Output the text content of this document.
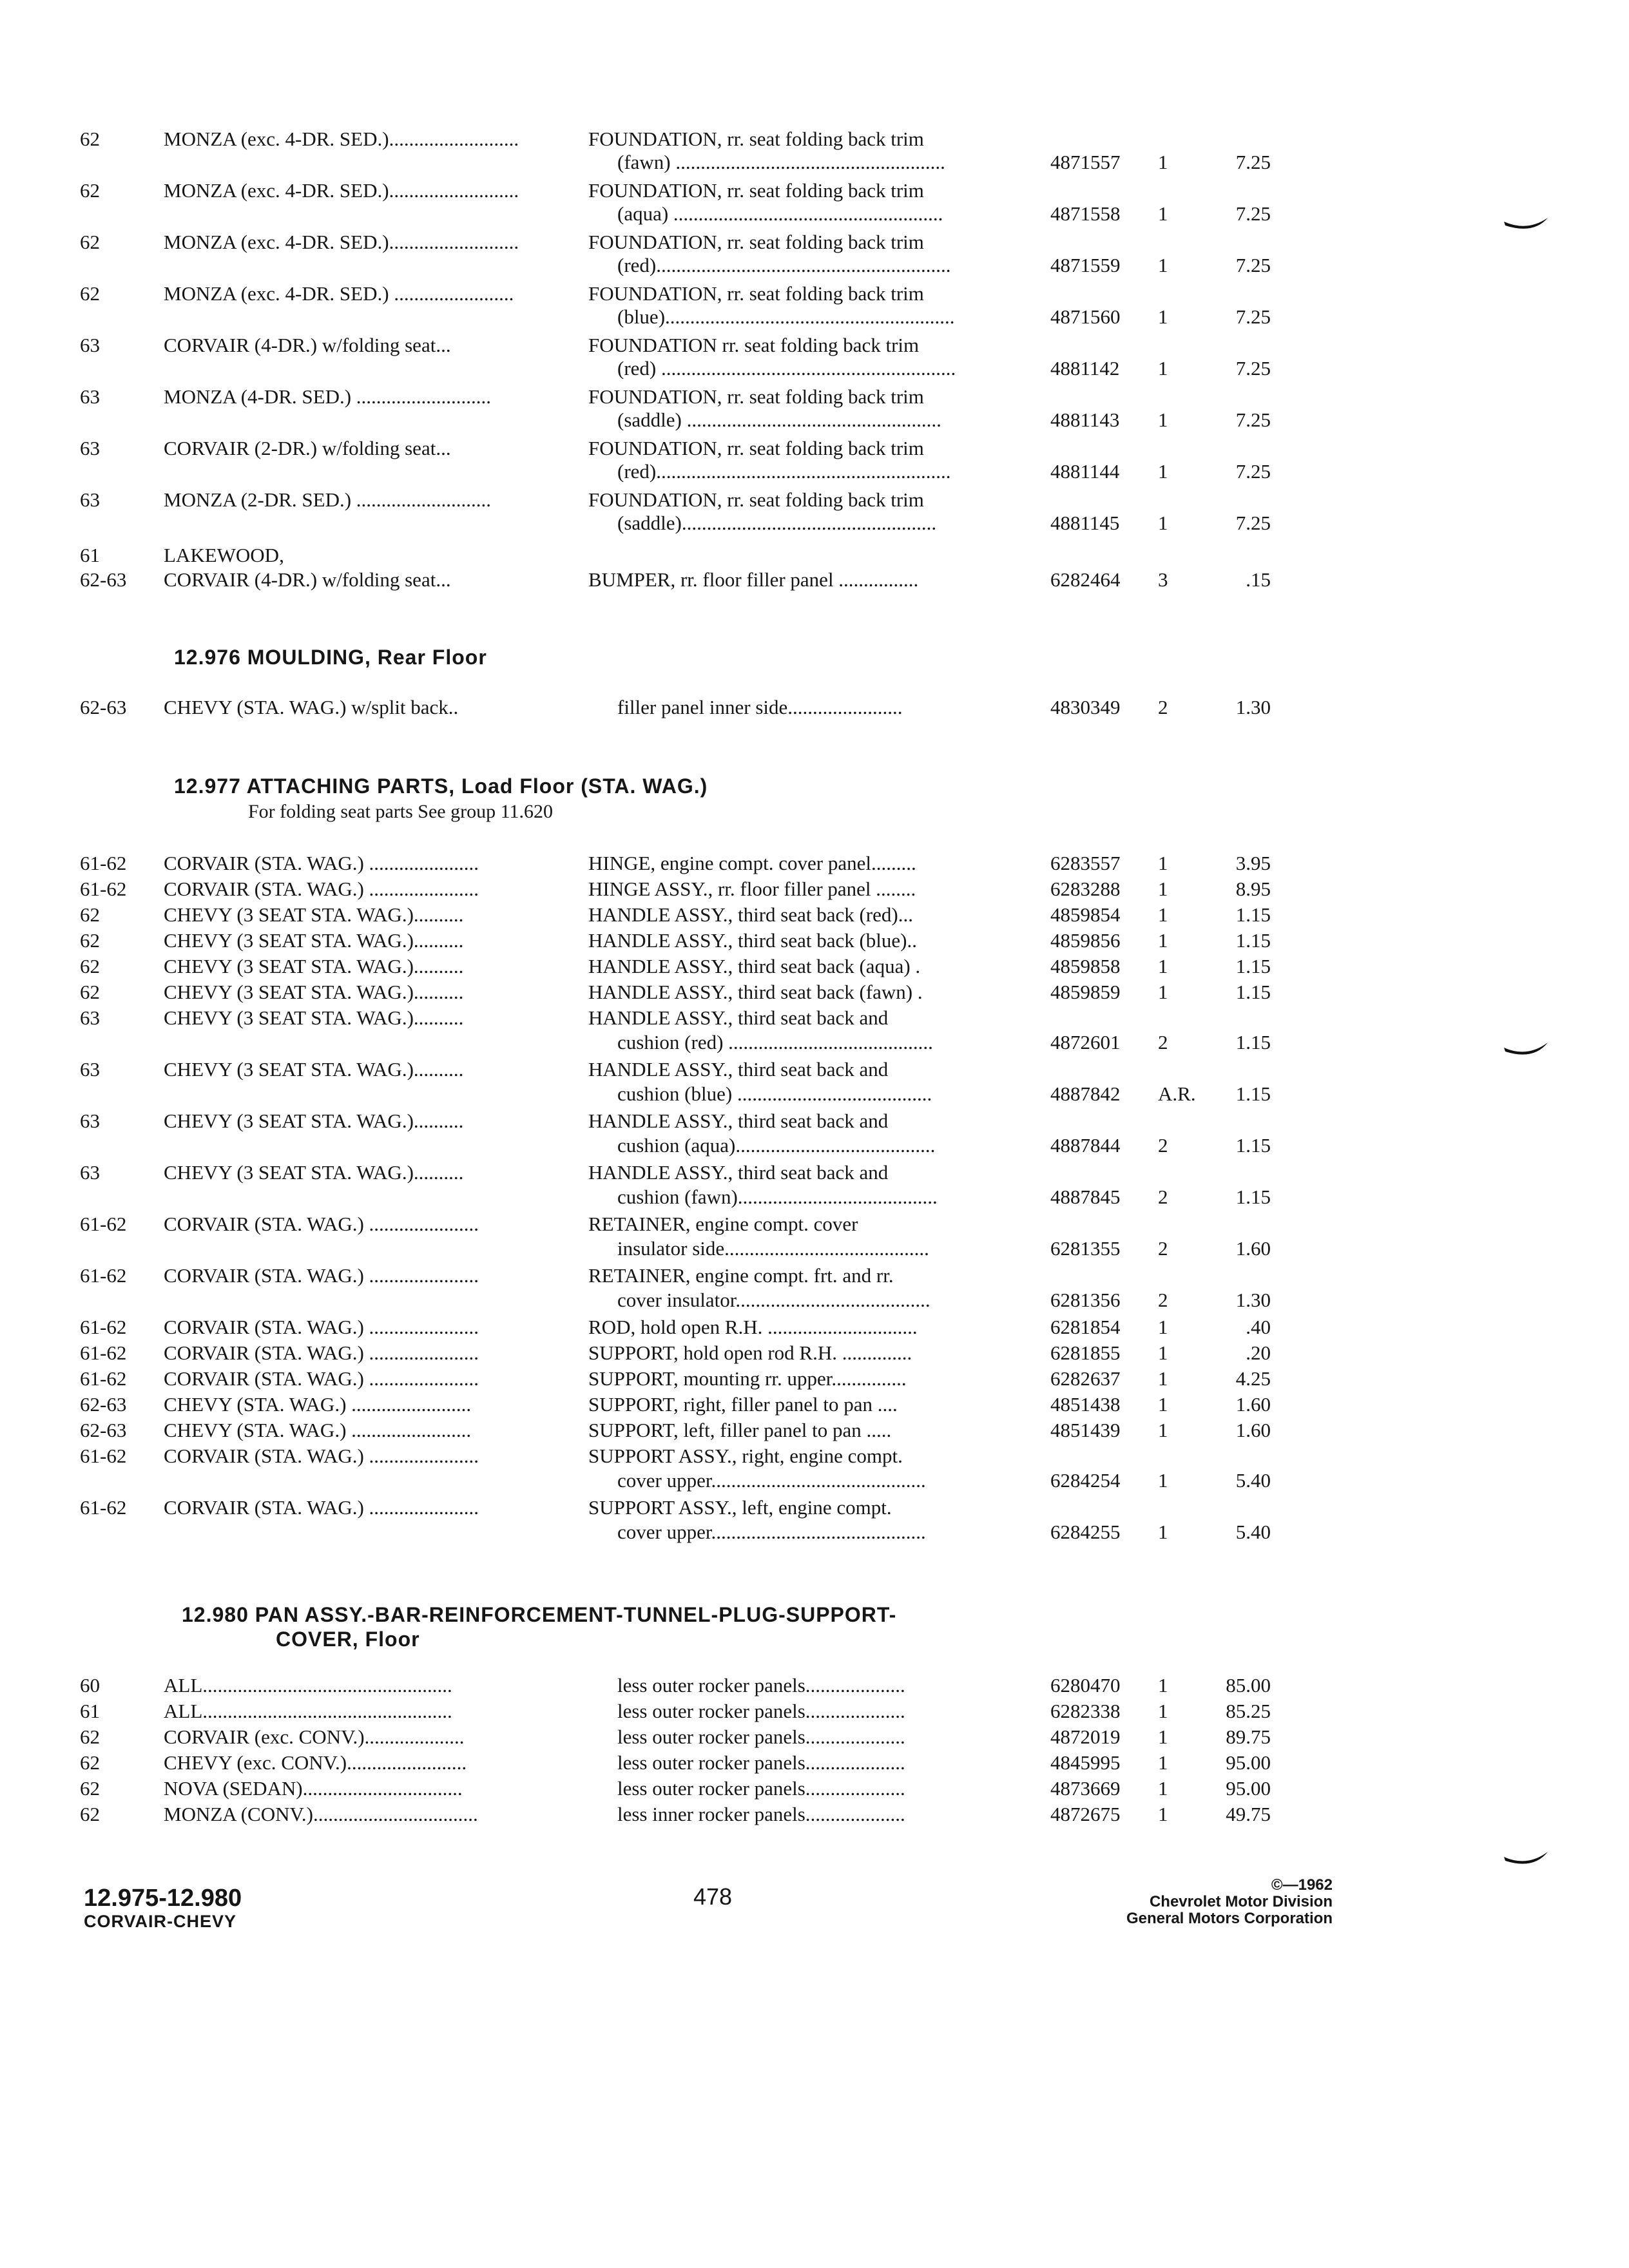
62	MONZA (exc. 4-DR. SED.)..........................	FOUNDATION, rr. seat folding back trim
(fawn) ......................................................	4871557 1	7.25
62	MONZA (exc. 4-DR. SED.)..........................	FOUNDATION, rr. seat folding back trim
(aqua) ......................................................	4871558 1	7.25
62	MONZA (exc. 4-DR. SED.)..........................	FOUNDATION, rr. seat folding back trim
(red)...........................................................	4871559 1	7.25
62	MONZA (exc. 4-DR. SED.) ........................	FOUNDATION, rr. seat folding back trim
(blue)..........................................................	4871560 1	7.25
63	CORVAIR (4-DR.) w/folding seat...	FOUNDATION rr. seat folding back trim
(red) ...........................................................	4881142 1	7.25
63	MONZA (4-DR. SED.) ...........................	FOUNDATION, rr. seat folding back trim
(saddle) ...................................................	4881143 1	7.25
63	CORVAIR (2-DR.) w/folding seat...	FOUNDATION, rr. seat folding back trim
(red)...........................................................	4881144 1	7.25
63	MONZA (2-DR. SED.) ...........................	FOUNDATION, rr. seat folding back trim
(saddle)...................................................	4881145 1	7.25
61	LAKEWOOD,
62-63 CORVAIR (4-DR.) w/folding seat...	BUMPER, rr. floor filler panel ................	6282464 3	.15
12.976 MOULDING, Rear Floor
62-63 CHEVY (STA. WAG.) w/split back..	filler panel inner side.......................	4830349 2	1.30
12.977 ATTACHING PARTS, Load Floor (STA. WAG.)
For folding seat parts See group 11.620
61-62 CORVAIR (STA. WAG.) ......................	HINGE, engine compt. cover panel.........	6283557 1	3.95
61-62 CORVAIR (STA. WAG.) ......................	HINGE ASSY., rr. floor filler panel ........	6283288 1	8.95
62	CHEVY (3 SEAT STA. WAG.)..........	HANDLE ASSY., third seat back (red)...	4859854 1	1.15
62	CHEVY (3 SEAT STA. WAG.)..........	HANDLE ASSY., third seat back (blue)..	4859856 1	1.15
62	CHEVY (3 SEAT STA. WAG.)..........	HANDLE ASSY., third seat back (aqua) .	4859858 1	1.15
62	CHEVY (3 SEAT STA. WAG.)..........	HANDLE ASSY., third seat back (fawn) .	4859859 1	1.15
63	CHEVY (3 SEAT STA. WAG.)..........	HANDLE ASSY., third seat back and
cushion (red) .........................................	4872601 2	1.15
63	CHEVY (3 SEAT STA. WAG.)..........	HANDLE ASSY., third seat back and
cushion (blue) .......................................	4887842 A.R. 1.15
63	CHEVY (3 SEAT STA. WAG.)..........	HANDLE ASSY., third seat back and
cushion (aqua)........................................	4887844 2	1.15
63	CHEVY (3 SEAT STA. WAG.)..........	HANDLE ASSY., third seat back and
cushion (fawn)........................................	4887845 2	1.15
61-62 CORVAIR (STA. WAG.) ......................	RETAINER, engine compt. cover
insulator side.........................................	6281355 2	1.60
61-62 CORVAIR (STA. WAG.) ......................	RETAINER, engine compt. frt. and rr.
cover insulator.......................................	6281356 2	1.30
61-62 CORVAIR (STA. WAG.) ......................	ROD, hold open R.H. ..............................	6281854 1	.40
61-62 CORVAIR (STA. WAG.) ......................	SUPPORT, hold open rod R.H. ..............	6281855 1	.20
61-62 CORVAIR (STA. WAG.) ......................	SUPPORT, mounting rr. upper...............	6282637 1	4.25
62-63 CHEVY (STA. WAG.) ........................	SUPPORT, right, filler panel to pan ....	4851438 1	1.60
62-63 CHEVY (STA. WAG.) ........................	SUPPORT, left, filler panel to pan .....	4851439 1	1.60
61-62 CORVAIR (STA. WAG.) ......................	SUPPORT ASSY., right, engine compt.
cover upper...........................................	6284254 1	5.40
61-62 CORVAIR (STA. WAG.) ......................	SUPPORT ASSY., left, engine compt.
cover upper...........................................	6284255 1	5.40
12.980 PAN ASSY.-BAR-REINFORCEMENT-TUNNEL-PLUG-SUPPORT-
COVER, Floor
60	ALL..................................................	less outer rocker panels....................	6280470 1	85.00
61	ALL..................................................	less outer rocker panels....................	6282338 1	85.25
62	CORVAIR (exc. CONV.)....................	less outer rocker panels....................	4872019 1	89.75
62	CHEVY (exc. CONV.)........................	less outer rocker panels....................	4845995 1	95.00
62	NOVA (SEDAN)................................	less outer rocker panels....................	4873669 1	95.00
62	MONZA (CONV.).................................	less inner rocker panels....................	4872675 1	49.75
12.975-12.980
CORVAIR-CHEVY
478	©—1962
Chevrolet Motor Division
General Motors Corporation
